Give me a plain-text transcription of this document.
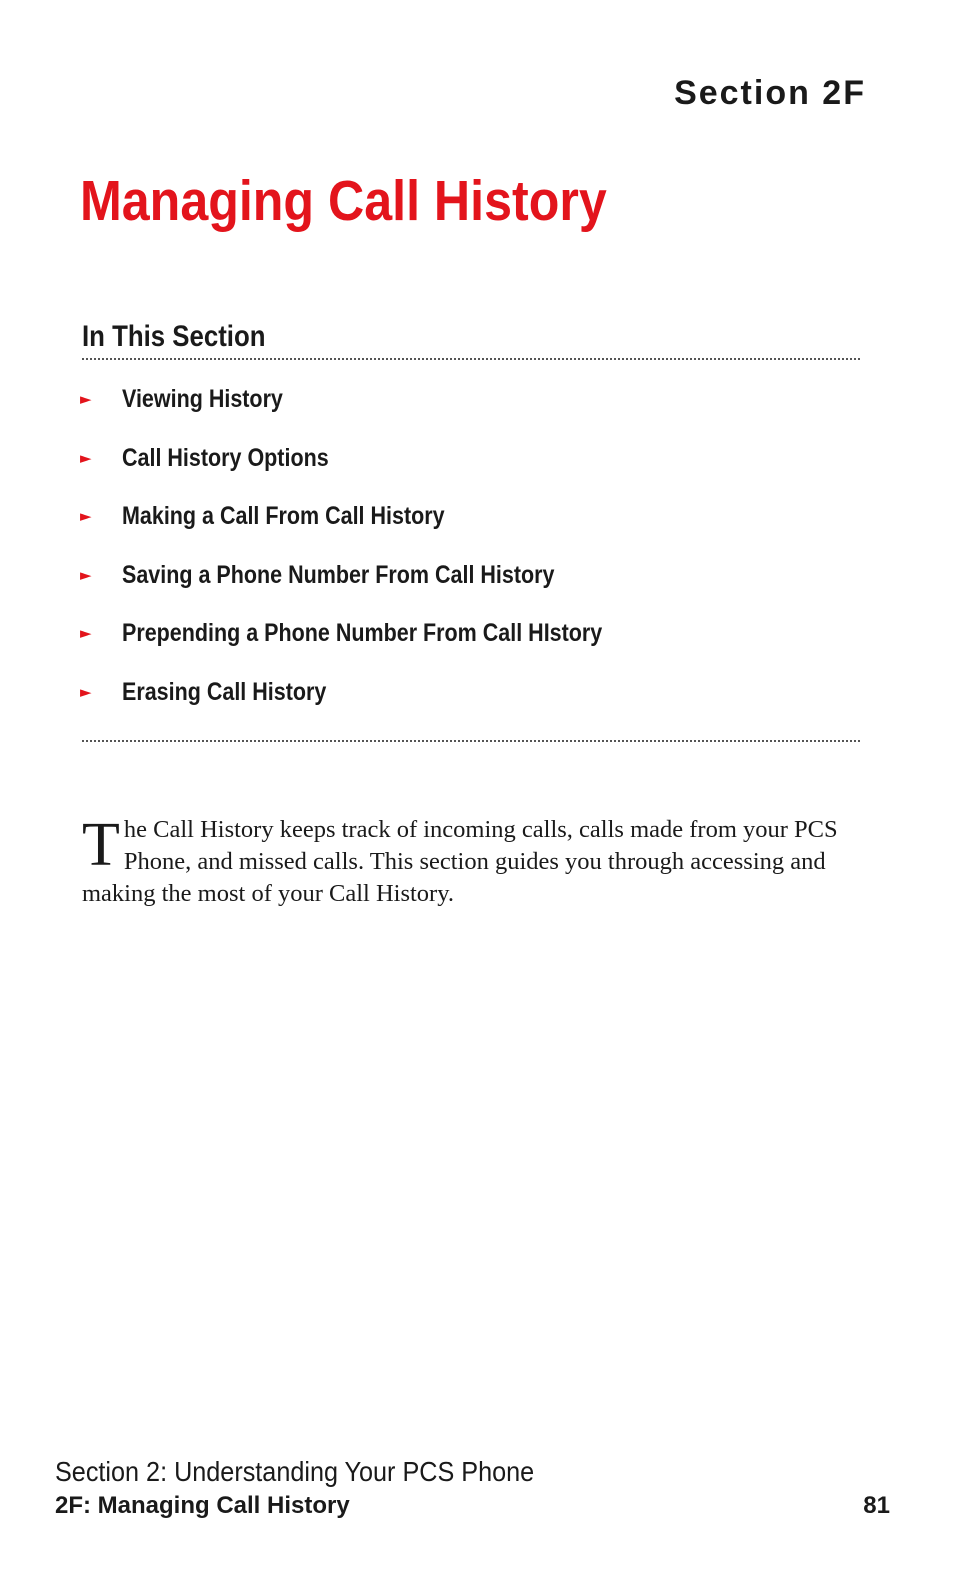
Section 2F
Managing Call History
In This Section
►	Viewing History
►	Call History Options
►	Making a Call From Call History
►	Saving a Phone Number From Call History
►	Prepending a Phone Number From Call HIstory
►	Erasing Call History

The Call History keeps track of incoming calls, calls made from your PCS Phone, and missed calls. This section guides you through accessing and making the most of your Call History.

Section 2: Understanding Your PCS Phone
2F: Managing Call History	81
